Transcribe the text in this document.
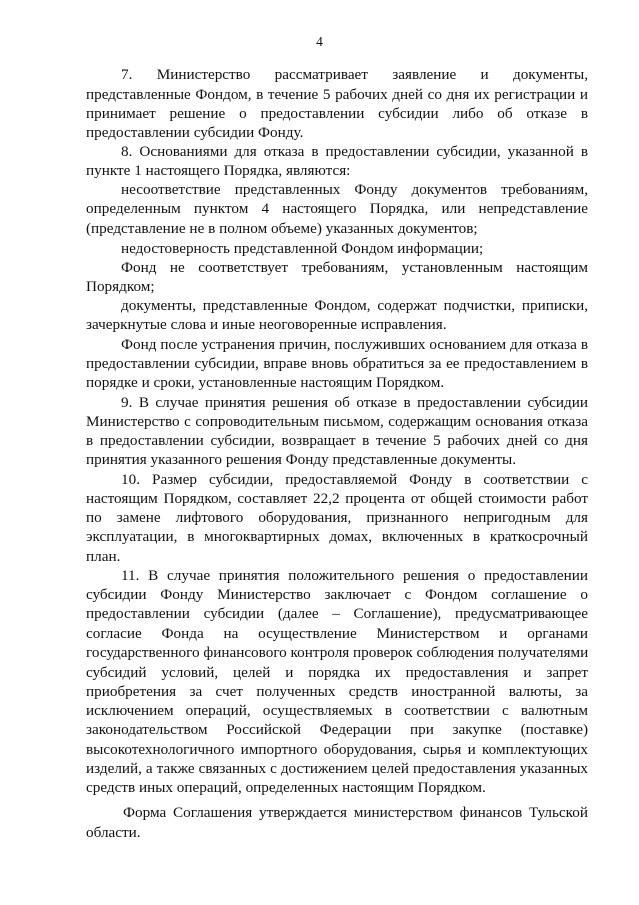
4
7. Министерство рассматривает заявление и документы,
представленные Фондом, в течение 5 рабочих дней со дня их регистрации и
принимает решение о предоставлении субсидии либо об отказе в
предоставлении субсидии Фонду.
8. Основаниями для отказа в предоставлении субсидии, указанной в
пункте 1 настоящего Порядка, являются:
несоответствие представленных Фонду документов требованиям,
определенным пунктом 4 настоящего Порядка, или непредставление
(представление не в полном объеме) указанных документов;
недостоверность представленной Фондом информации;
Фонд не соответствует требованиям, установленным настоящим
Порядком;
документы, представленные Фондом, содержат подчистки, приписки,
зачеркнутые слова и иные неоговоренные исправления.
Фонд после устранения причин, послуживших основанием для отказа в
предоставлении субсидии, вправе вновь обратиться за ее предоставлением в
порядке и сроки, установленные настоящим Порядком.
9. В случае принятия решения об отказе в предоставлении субсидии
Министерство с сопроводительным письмом, содержащим основания отказа
в предоставлении субсидии, возвращает в течение 5 рабочих дней со дня
принятия указанного решения Фонду представленные документы.
10. Размер субсидии, предоставляемой Фонду в соответствии с
настоящим Порядком, составляет 22,2 процента от общей стоимости работ
по замене лифтового оборудования, признанного непригодным для
эксплуатации, в многоквартирных домах, включенных в краткосрочный
план.
11. В случае принятия положительного решения о предоставлении
субсидии Фонду Министерство заключает с Фондом соглашение о
предоставлении субсидии (далее – Соглашение), предусматривающее
согласие Фонда на осуществление Министерством и органами
государственного финансового контроля проверок соблюдения получателями
субсидий условий, целей и порядка их предоставления и запрет
приобретения за счет полученных средств иностранной валюты, за
исключением операций, осуществляемых в соответствии с валютным
законодательством Российской Федерации при закупке (поставке)
высокотехнологичного импортного оборудования, сырья и комплектующих
изделий, а также связанных с достижением целей предоставления указанных
средств иных операций, определенных настоящим Порядком.
Форма Соглашения утверждается министерством финансов Тульской
области.
